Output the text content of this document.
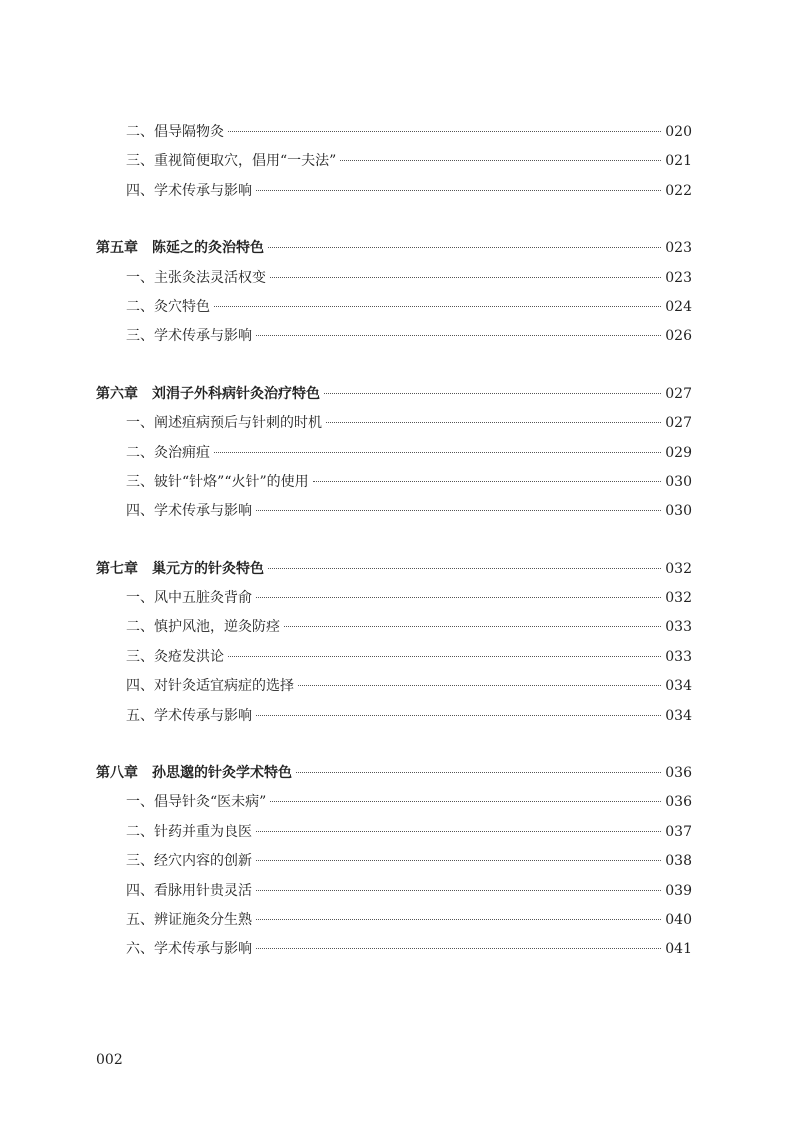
二、倡导隔物灸	020
三、重视简便取穴，倡用“一夫法”	021
四、学术传承与影响	022
第五章 陈延之的灸治特色	023
一、主张灸法灵活权变	023
二、灸穴特色	024
三、学术传承与影响	026
第六章 刘涓子外科病针灸治疗特色	027
一、阐述疽病预后与针刺的时机	027
二、灸治痈疽	029
三、铍针“针烙”“火针”的使用	030
四、学术传承与影响	030
第七章 巢元方的针灸特色	032
一、风中五脏灸背俞	032
二、慎护风池，逆灸防痉	033
三、灸疮发洪论	033
四、对针灸适宜病症的选择	034
五、学术传承与影响	034
第八章 孙思邈的针灸学术特色	036
一、倡导针灸“医未病”	036
二、针药并重为良医	037
三、经穴内容的创新	038
四、看脉用针贵灵活	039
五、辨证施灸分生熟	040
六、学术传承与影响	041
002
